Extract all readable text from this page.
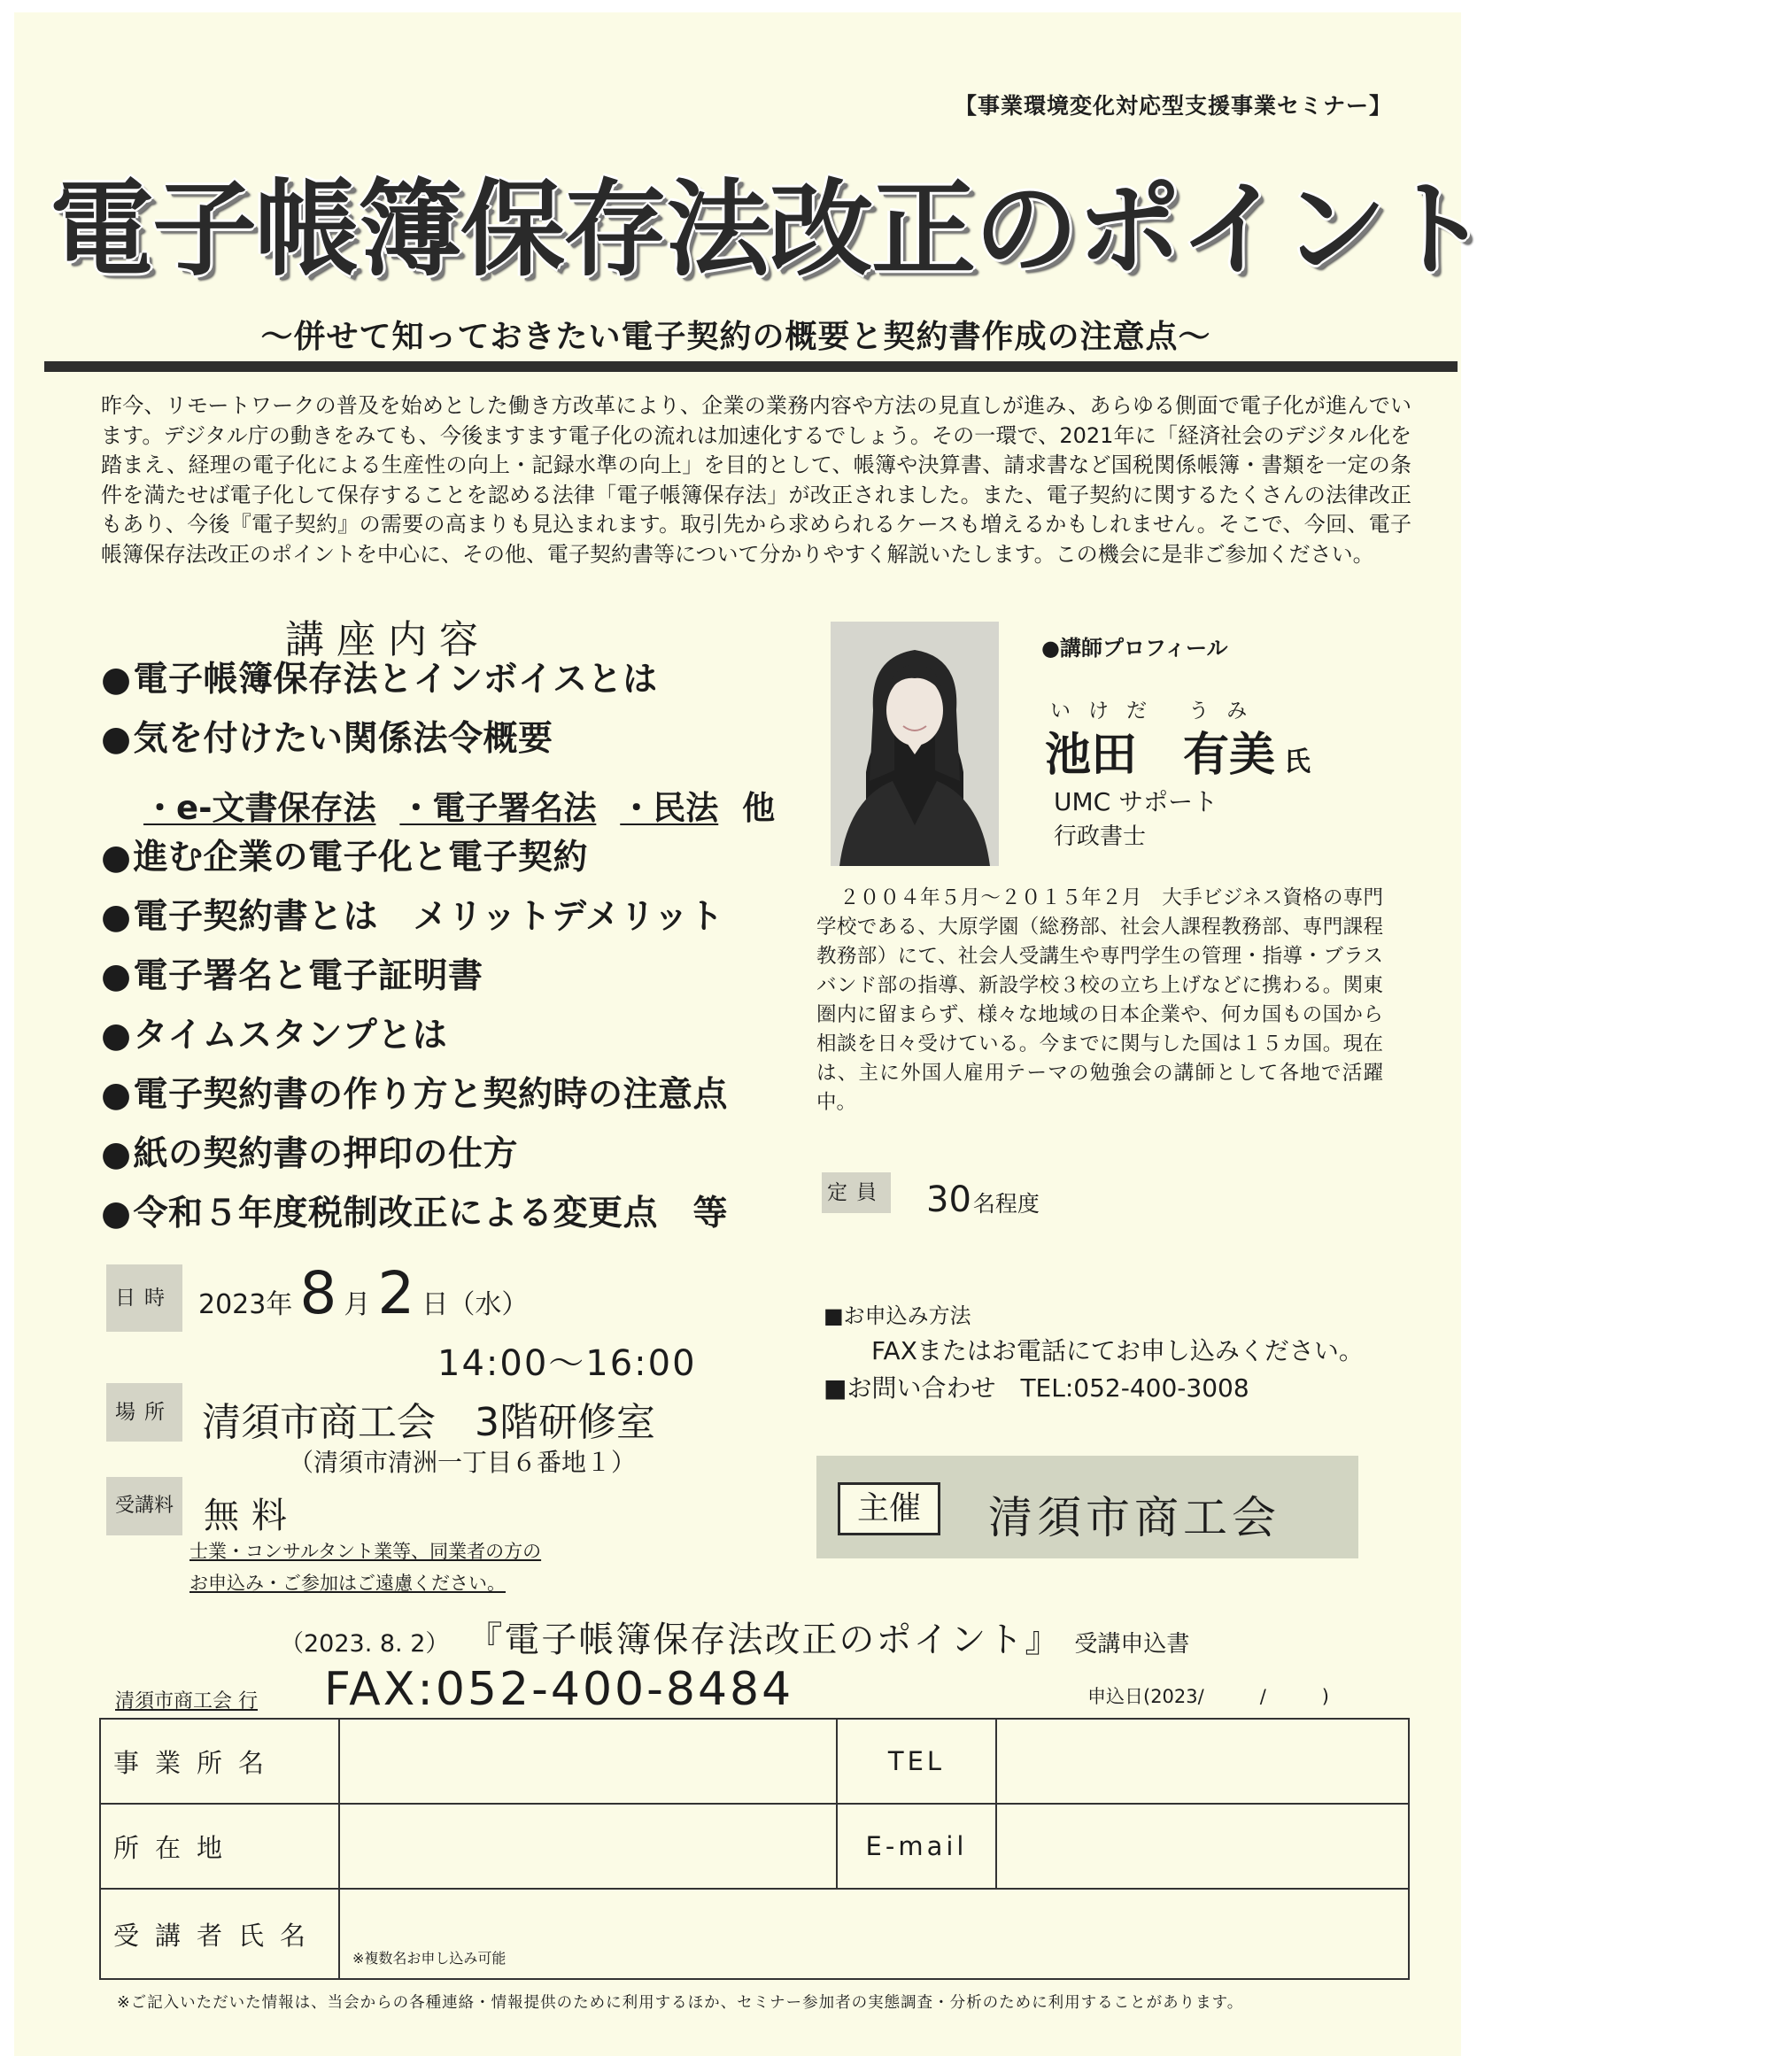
【事業環境変化対応型支援事業セミナー】
電子帳簿保存法改正のポイント
～併せて知っておきたい電子契約の概要と契約書作成の注意点～

昨今、リモートワークの普及を始めとした働き方改革により、企業の業務内容や方法の見直しが進み、あらゆる側面で電子化が進んでいます。デジタル庁の動きをみても、今後ますます電子化の流れは加速化するでしょう。その一環で、2021年に「経済社会のデジタル化を踏まえ、経理の電子化による生産性の向上・記録水準の向上」を目的として、帳簿や決算書、請求書など国税関係帳簿・書類を一定の条件を満たせば電子化して保存することを認める法律「電子帳簿保存法」が改正されました。また、電子契約に関するたくさんの法律改正もあり、今後『電子契約』の需要の高まりも見込まれます。取引先から求められるケースも増えるかもしれません。そこで、今回、電子帳簿保存法改正のポイントを中心に、その他、電子契約書等について分かりやすく解説いたします。この機会に是非ご参加ください。

講座内容
● 電子帳簿保存法とインボイスとは
● 気を付けたい関係法令概要
● 進む企業の電子化と電子契約
● 電子契約書とは　メリットデメリット
● 電子署名と電子証明書
● タイムスタンプとは
● 電子契約書の作り方と契約時の注意点
● 紙の契約書の押印の仕方
● 令和５年度税制改正による変更点　等
・e-文書保存法 ・電子署名法 ・民法 他
●講師プロフィール
いけだ うみ
池田　有美 氏
UMC サポート
行政書士
２００４年５月～２０１５年２月　大手ビジネス資格の専門学校である、大原学園（総務部、社会人課程教務部、専門課程教務部）にて、社会人受講生や専門学生の管理・指導・ブラスバンド部の指導、新設学校３校の立ち上げなどに携わる。関東圏内に留まらず、様々な地域の日本企業や、何カ国もの国から相談を日々受けている。今までに関与した国は１５カ国。現在は、主に外国人雇用テーマの勉強会の講師として各地で活躍中。
定員 30名程度
■お申込み方法
FAXまたはお電話にてお申し込みください。
■お問い合わせ　TEL:052-400-3008
主催	清須市商工会
日時 2023年 8 月 2 日（水）
14:00～16:00
場所 清須市商工会　3階研修室
（清須市清洲一丁目６番地１）
受講料 無料
士業・コンサルタント業等、同業者の方の
お申込み・ご参加はご遠慮ください。
（2023. 8. 2） 『電子帳簿保存法改正のポイント』 受講申込書
清須市商工会 行 FAX:052-400-8484	申込日(2023/　　　/　　　)
事業所名		TEL	
所在地		E-mail	
受講者氏名	※複数名お申し込み可能		
※ご記入いただいた情報は、当会からの各種連絡・情報提供のために利用するほか、セミナー参加者の実態調査・分析のために利用することがあります。
